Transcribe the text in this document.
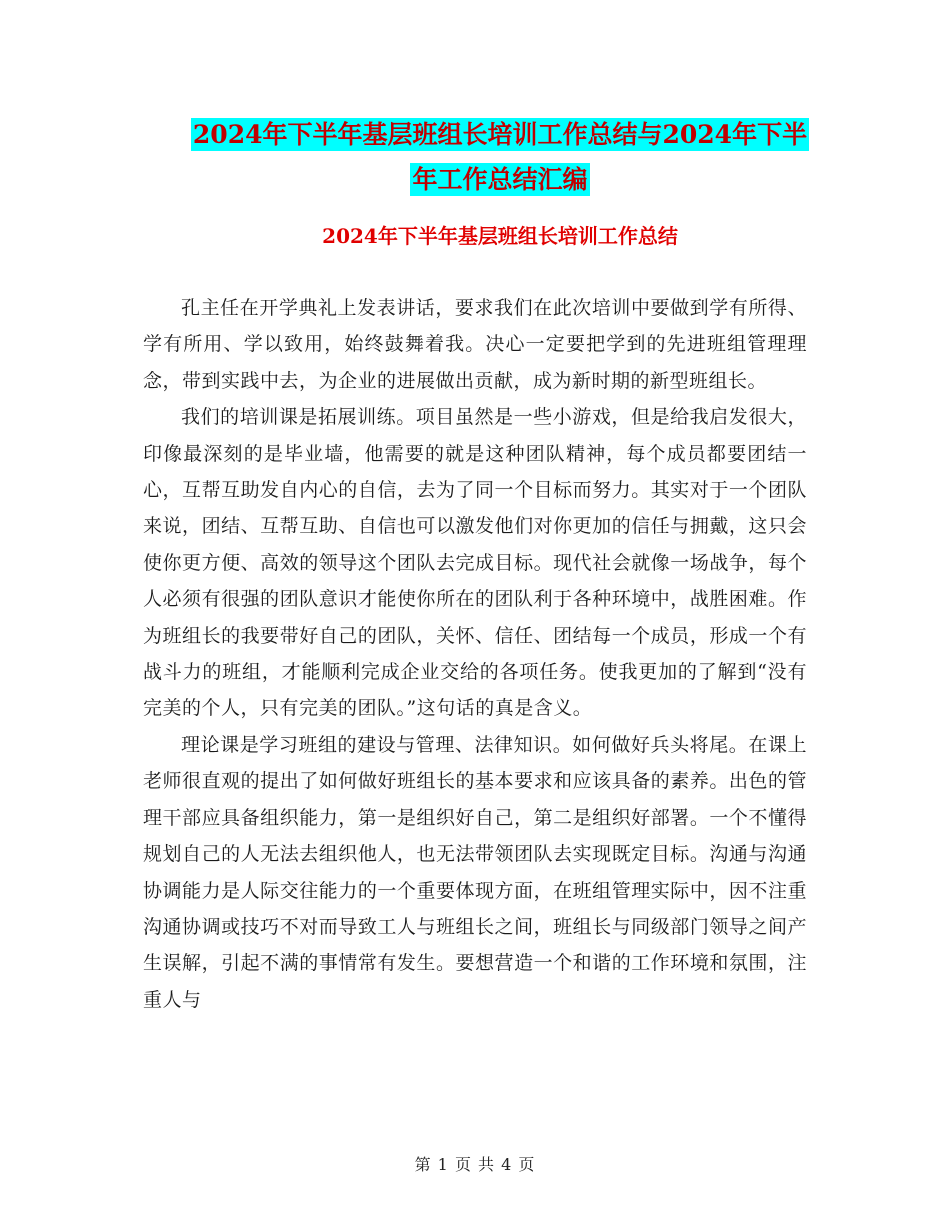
2024年下半年基层班组长培训工作总结与2024年下半
年工作总结汇编
2024年下半年基层班组长培训工作总结

孔主任在开学典礼上发表讲话，要求我们在此次培训中要做到学有所得、学有所用、学以致用，始终鼓舞着我。决心一定要把学到的先进班组管理理念，带到实践中去，为企业的进展做出贡献，成为新时期的新型班组长。

我们的培训课是拓展训练。项目虽然是一些小游戏，但是给我启发很大，印像最深刻的是毕业墙，他需要的就是这种团队精神，每个成员都要团结一心，互帮互助发自内心的自信，去为了同一个目标而努力。其实对于一个团队来说，团结、互帮互助、自信也可以激发他们对你更加的信任与拥戴，这只会使你更方便、高效的领导这个团队去完成目标。现代社会就像一场战争，每个人必须有很强的团队意识才能使你所在的团队利于各种环境中，战胜困难。作为班组长的我要带好自己的团队，关怀、信任、团结每一个成员，形成一个有战斗力的班组，才能顺利完成企业交给的各项任务。使我更加的了解到“没有完美的个人，只有完美的团队。”这句话的真是含义。

理论课是学习班组的建设与管理、法律知识。如何做好兵头将尾。在课上老师很直观的提出了如何做好班组长的基本要求和应该具备的素养。出色的管理干部应具备组织能力，第一是组织好自己，第二是组织好部署。一个不懂得规划自己的人无法去组织他人，也无法带领团队去实现既定目标。沟通与沟通协调能力是人际交往能力的一个重要体现方面，在班组管理实际中，因不注重沟通协调或技巧不对而导致工人与班组长之间，班组长与同级部门领导之间产生误解，引起不满的事情常有发生。要想营造一个和谐的工作环境和氛围，注重人与

第 1 页 共 4 页
